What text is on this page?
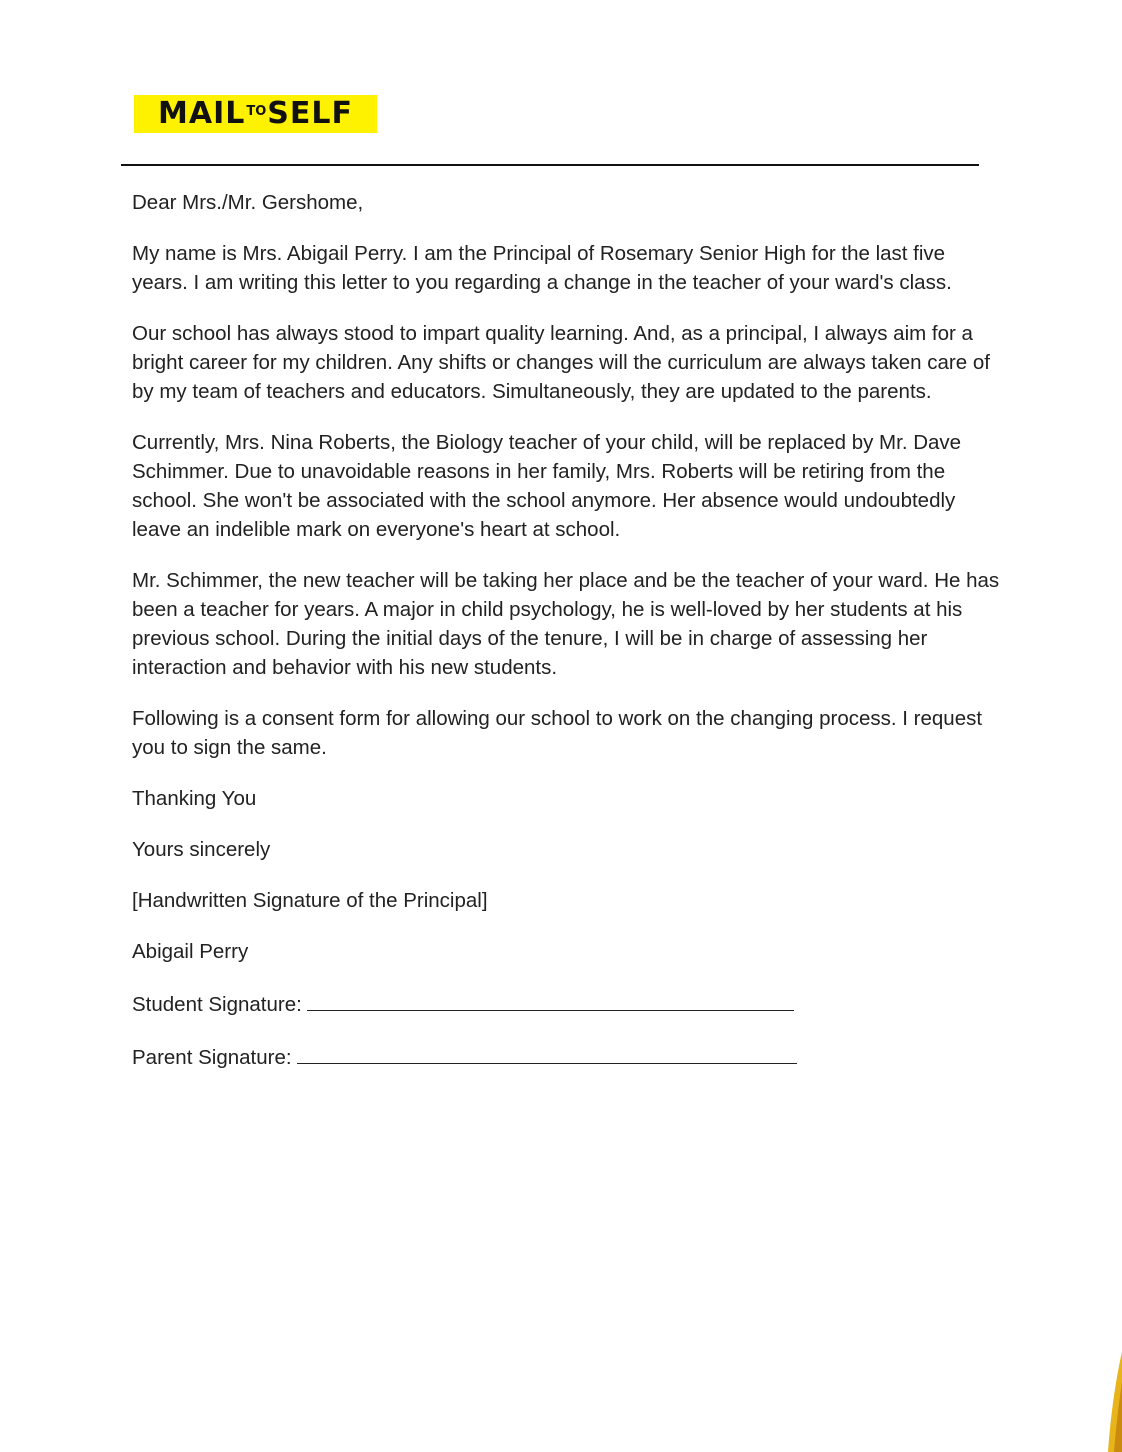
MAILTOSELF

Dear Mrs./Mr. Gershome,

My name is Mrs. Abigail Perry. I am the Principal of Rosemary Senior High for the last five years. I am writing this letter to you regarding a change in the teacher of your ward's class.

Our school has always stood to impart quality learning. And, as a principal, I always aim for a bright career for my children. Any shifts or changes will the curriculum are always taken care of by my team of teachers and educators. Simultaneously, they are updated to the parents.

Currently, Mrs. Nina Roberts, the Biology teacher of your child, will be replaced by Mr. Dave Schimmer. Due to unavoidable reasons in her family, Mrs. Roberts will be retiring from the school. She won't be associated with the school anymore. Her absence would undoubtedly leave an indelible mark on everyone's heart at school.

Mr. Schimmer, the new teacher will be taking her place and be the teacher of your ward. He has been a teacher for years. A major in child psychology, he is well-loved by her students at his previous school. During the initial days of the tenure, I will be in charge of assessing her interaction and behavior with his new students.

Following is a consent form for allowing our school to work on the changing process. I request you to sign the same.

Thanking You

Yours sincerely

[Handwritten Signature of the Principal]

Abigail Perry

Student Signature:

Parent Signature:
